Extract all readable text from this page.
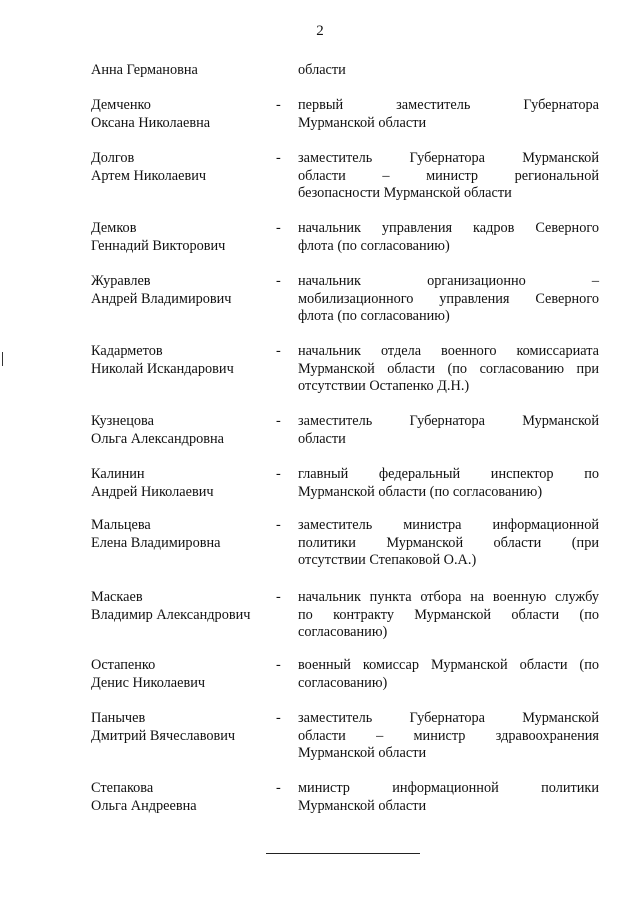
2
Анна Германовна	области
Демченко
Оксана Николаевна
- первый заместитель Губернатора
Мурманской области
Долгов
Артем Николаевич
- заместитель Губернатора Мурманской
области – министр региональной
безопасности Мурманской области
Демков
Геннадий Викторович
- начальник управления кадров Северного
флота (по согласованию)
Журавлев
Андрей Владимирович
- начальник организационно –
мобилизационного управления Северного
флота (по согласованию)
Кадарметов
Николай Искандарович
- начальник отдела военного комиссариата
Мурманской области (по согласованию при
отсутствии Остапенко Д.Н.)
Кузнецова
Ольга Александровна
- заместитель Губернатора Мурманской
области
Калинин
Андрей Николаевич
- главный федеральный инспектор по
Мурманской области (по согласованию)
Мальцева
Елена Владимировна
- заместитель министра информационной
политики Мурманской области (при
отсутствии Степаковой О.А.)
Маскаев
Владимир Александрович
- начальник пункта отбора на военную службу
по контракту Мурманской области (по
согласованию)
Остапенко
Денис Николаевич
- военный комиссар Мурманской области (по
согласованию)
Панычев
Дмитрий Вячеславович
- заместитель Губернатора Мурманской
области – министр здравоохранения
Мурманской области
Степакова
Ольга Андреевна
- министр информационной политики
Мурманской области
